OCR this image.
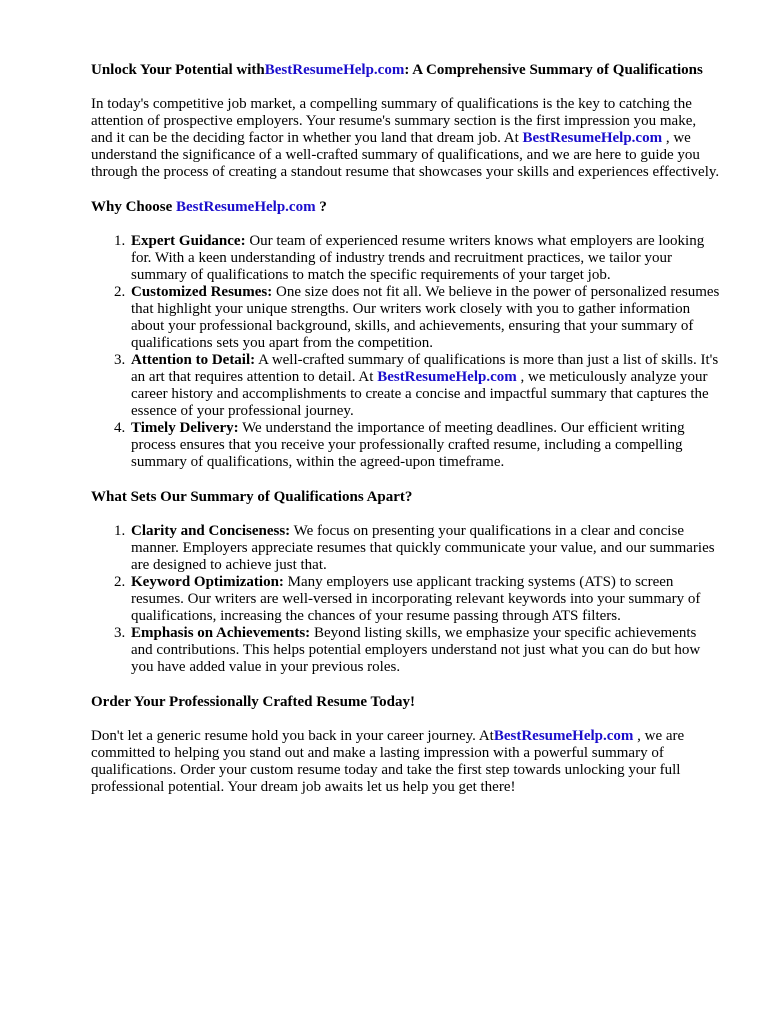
Unlock Your Potential withBestResumeHelp.com: A Comprehensive Summary of Qualifications

In today's competitive job market, a compelling summary of qualifications is the key to catching the attention of prospective employers. Your resume's summary section is the first impression you make, and it can be the deciding factor in whether you land that dream job. At BestResumeHelp.com , we understand the significance of a well-crafted summary of qualifications, and we are here to guide you through the process of creating a standout resume that showcases your skills and experiences effectively.

Why Choose BestResumeHelp.com ?
1. Expert Guidance: Our team of experienced resume writers knows what employers are looking for. With a keen understanding of industry trends and recruitment practices, we tailor your summary of qualifications to match the specific requirements of your target job.
2. Customized Resumes: One size does not fit all. We believe in the power of personalized resumes that highlight your unique strengths. Our writers work closely with you to gather information about your professional background, skills, and achievements, ensuring that your summary of qualifications sets you apart from the competition.
3. Attention to Detail: A well-crafted summary of qualifications is more than just a list of skills. It's an art that requires attention to detail. At BestResumeHelp.com , we meticulously analyze your career history and accomplishments to create a concise and impactful summary that captures the essence of your professional journey.
4. Timely Delivery: We understand the importance of meeting deadlines. Our efficient writing process ensures that you receive your professionally crafted resume, including a compelling summary of qualifications, within the agreed-upon timeframe.
What Sets Our Summary of Qualifications Apart?
1. Clarity and Conciseness: We focus on presenting your qualifications in a clear and concise manner. Employers appreciate resumes that quickly communicate your value, and our summaries are designed to achieve just that.
2. Keyword Optimization: Many employers use applicant tracking systems (ATS) to screen resumes. Our writers are well-versed in incorporating relevant keywords into your summary of qualifications, increasing the chances of your resume passing through ATS filters.
3. Emphasis on Achievements: Beyond listing skills, we emphasize your specific achievements and contributions. This helps potential employers understand not just what you can do but how you have added value in your previous roles.
Order Your Professionally Crafted Resume Today!

Don't let a generic resume hold you back in your career journey. AtBestResumeHelp.com , we are committed to helping you stand out and make a lasting impression with a powerful summary of qualifications. Order your custom resume today and take the first step towards unlocking your full professional potential. Your dream job awaits let us help you get there!
